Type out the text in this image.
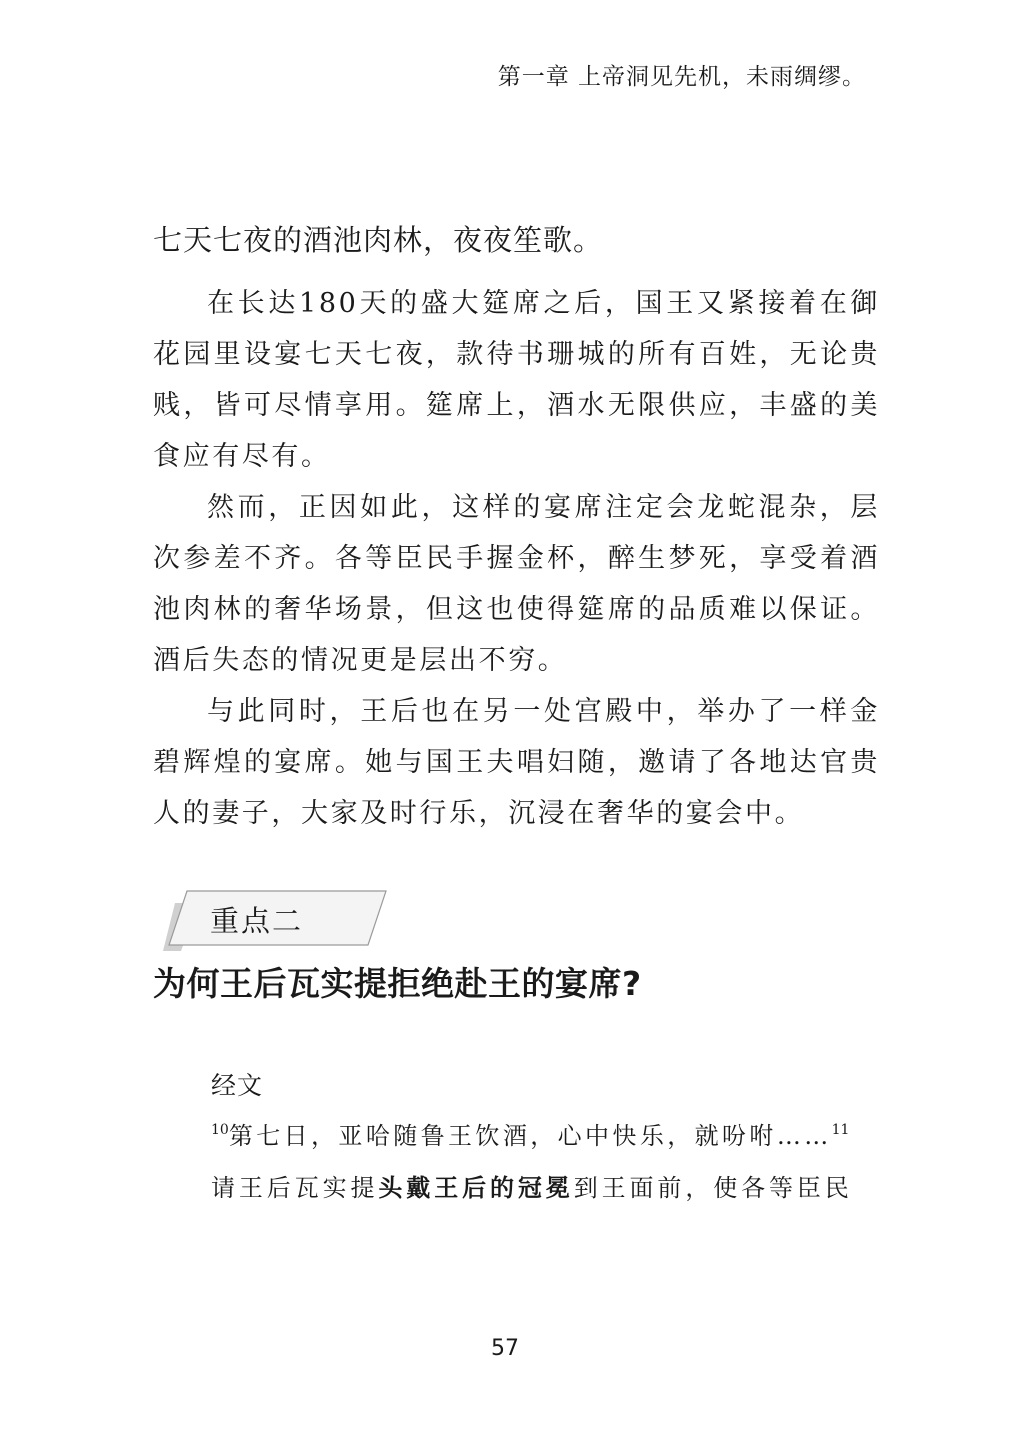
第一章 上帝洞见先机，未雨绸缪。
七天七夜的酒池肉林，夜夜笙歌。

在长达180天的盛大筵席之后，国王又紧接着在御花园里设宴七天七夜，款待书珊城的所有百姓，无论贵贱，皆可尽情享用。筵席上，酒水无限供应，丰盛的美食应有尽有。

然而，正因如此，这样的宴席注定会龙蛇混杂，层次参差不齐。各等臣民手握金杯，醉生梦死，享受着酒池肉林的奢华场景，但这也使得筵席的品质难以保证。酒后失态的情况更是层出不穷。

与此同时，王后也在另一处宫殿中，举办了一样金碧辉煌的宴席。她与国王夫唱妇随，邀请了各地达官贵人的妻子，大家及时行乐，沉浸在奢华的宴会中。

重点二
为何王后瓦实提拒绝赴王的宴席?
经文
$^{10}$第七日，亚哈随鲁王饮酒，心中快乐，就吩咐……$^{11}$
请王后瓦实提头戴王后的冠冕到王面前，使各等臣民
57
